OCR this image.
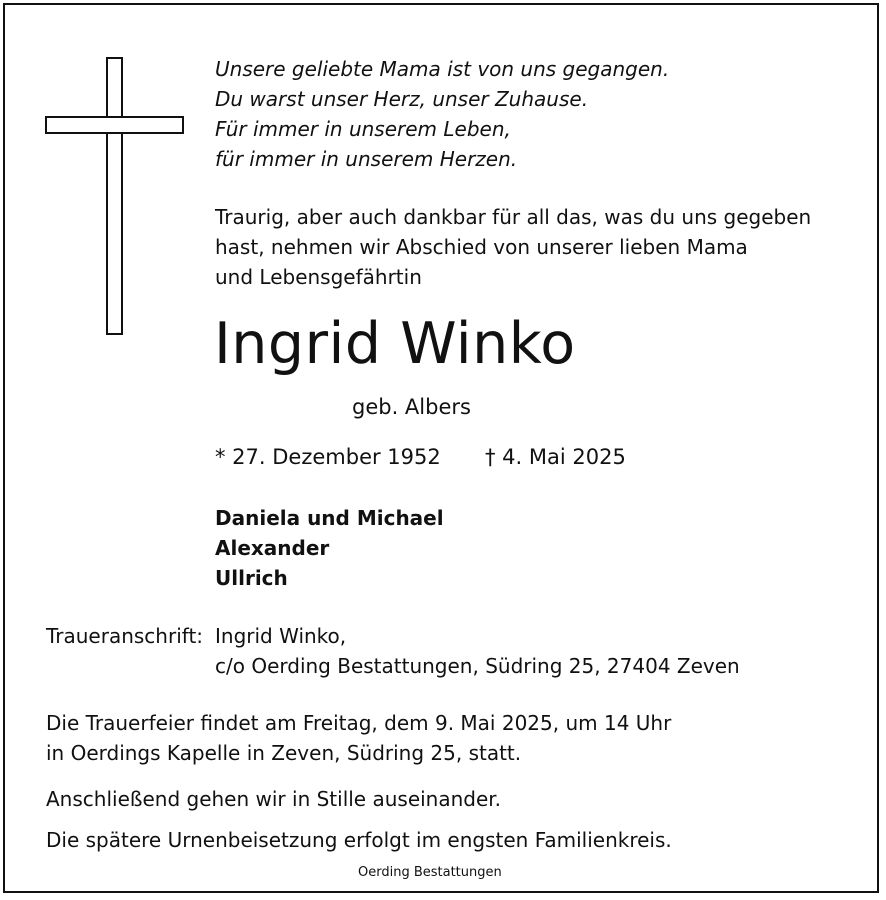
Unsere geliebte Mama ist von uns gegangen.
Du warst unser Herz, unser Zuhause.
Für immer in unserem Leben,
für immer in unserem Herzen.
Traurig, aber auch dankbar für all das, was du uns gegeben
hast, nehmen wir Abschied von unserer lieben Mama
und Lebensgefährtin
Ingrid Winko
geb. Albers
* 27. Dezember 1952 † 4. Mai 2025
Daniela und Michael
Alexander
Ullrich
Traueranschrift: Ingrid Winko,
c/o Oerding Bestattungen, Südring 25, 27404 Zeven
Die Trauerfeier findet am Freitag, dem 9. Mai 2025, um 14 Uhr
in Oerdings Kapelle in Zeven, Südring 25, statt.
Anschließend gehen wir in Stille auseinander.
Die spätere Urnenbeisetzung erfolgt im engsten Familienkreis.
Oerding Bestattungen
